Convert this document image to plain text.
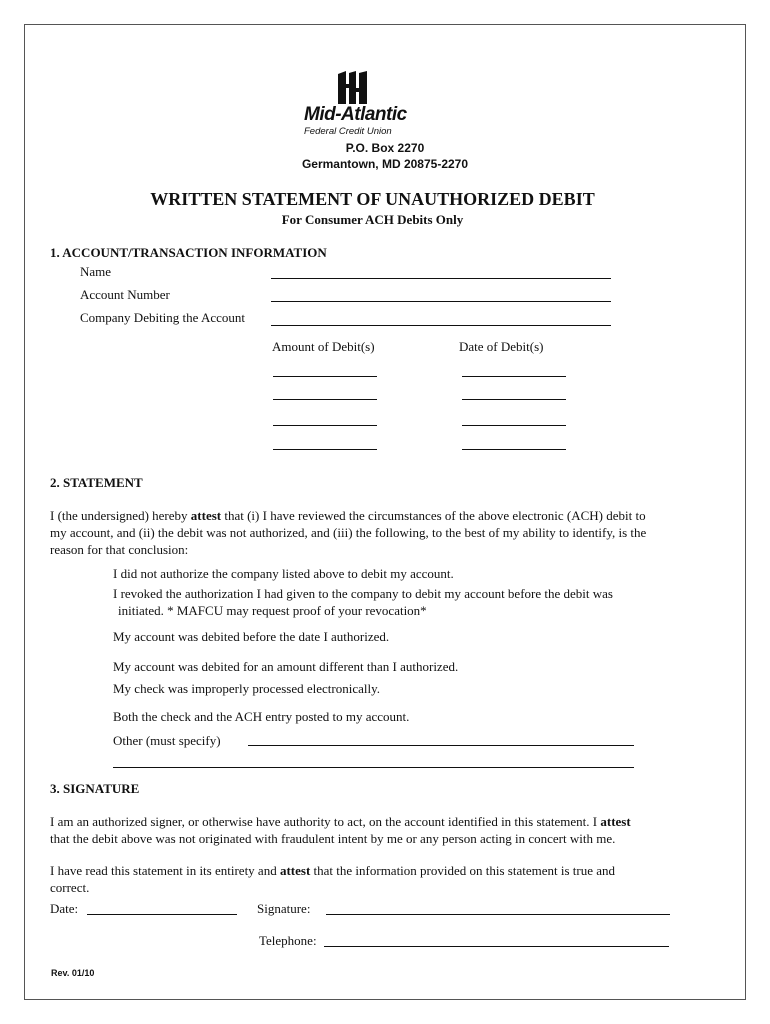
Mid-Atlantic
Federal Credit Union
P.O. Box 2270
Germantown, MD 20875-2270
WRITTEN STATEMENT OF UNAUTHORIZED DEBIT
For Consumer ACH Debits Only
1. ACCOUNT/TRANSACTION INFORMATION
Name
Account Number
Company Debiting the Account
Amount of Debit(s)	Date of Debit(s)
2. STATEMENT
I (the undersigned) hereby attest that (i) I have reviewed the circumstances of the above electronic (ACH) debit to
my account, and (ii) the debit was not authorized, and (iii) the following, to the best of my ability to identify, is the
reason for that conclusion:
I did not authorize the company listed above to debit my account.
I revoked the authorization I had given to the company to debit my account before the debit was
initiated. * MAFCU may request proof of your revocation*
My account was debited before the date I authorized.
My account was debited for an amount different than I authorized.
My check was improperly processed electronically.
Both the check and the ACH entry posted to my account.
Other (must specify)
3. SIGNATURE
I am an authorized signer, or otherwise have authority to act, on the account identified in this statement. I attest
that the debit above was not originated with fraudulent intent by me or any person acting in concert with me.
I have read this statement in its entirety and attest that the information provided on this statement is true and
correct.
Date:	Signature:
Telephone:
Rev. 01/10
